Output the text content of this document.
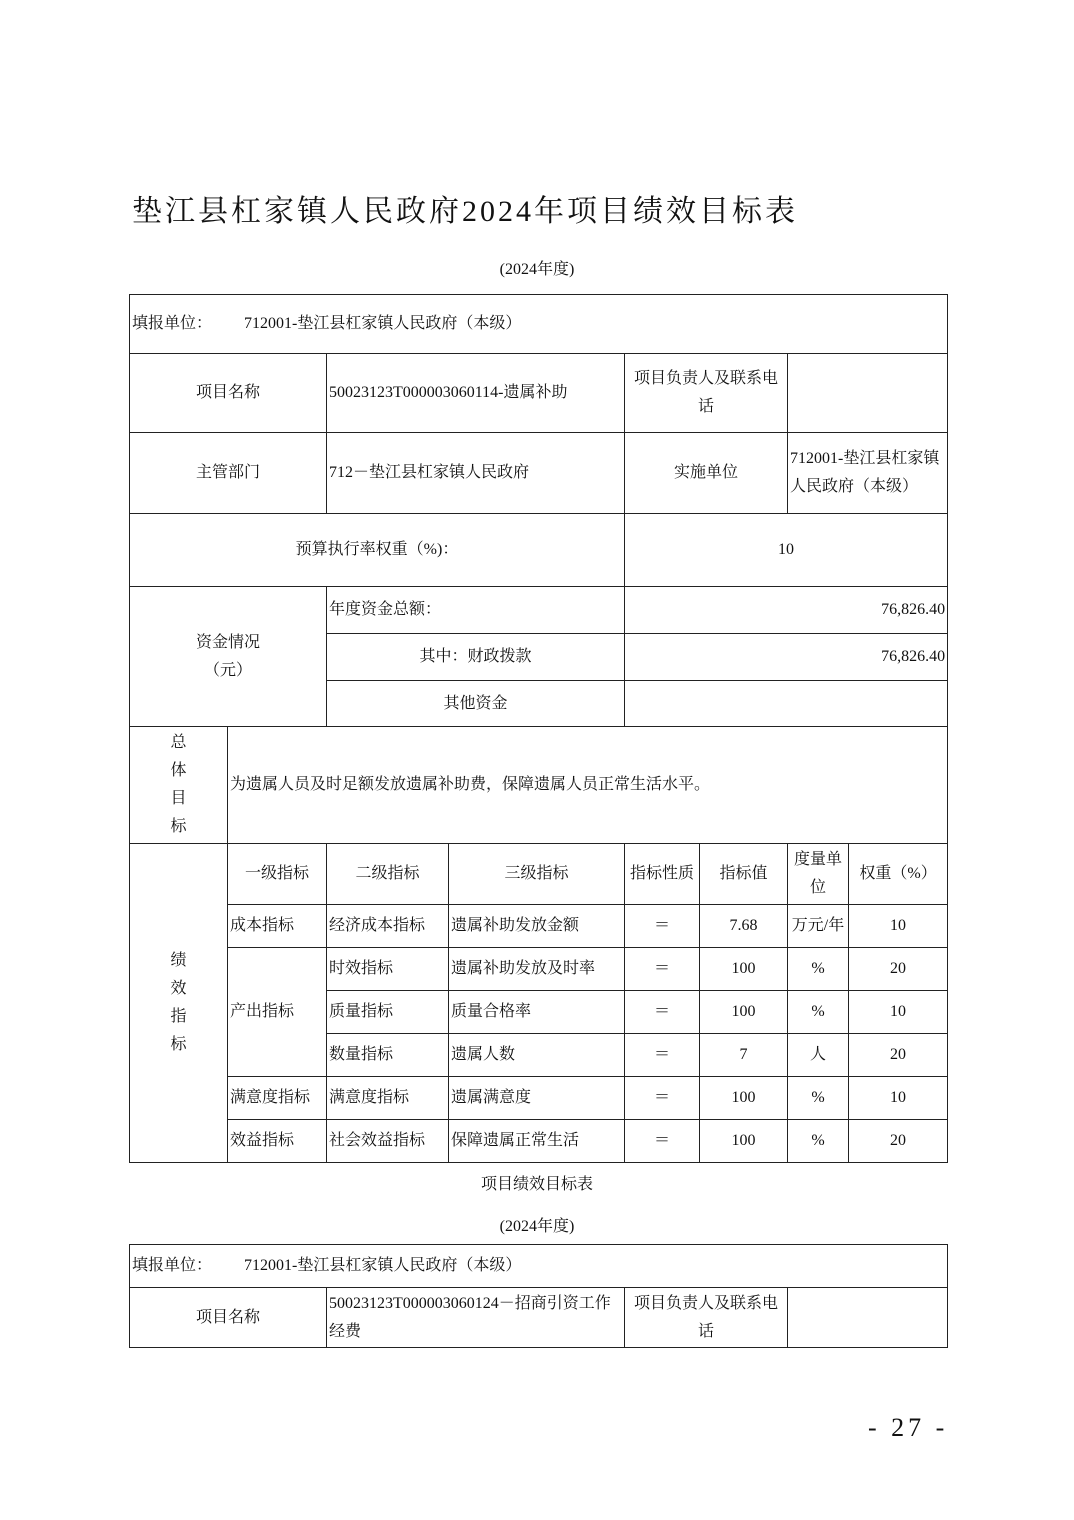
垫江县杠家镇人民政府2024年项目绩效目标表
(2024年度)
填报单位： 712001-垫江县杠家镇人民政府（本级）							
项目名称		50023123T000003060114-遗属补助		项目负责人及联系电话			
主管部门		712－垫江县杠家镇人民政府		实施单位		712001-垫江县杠家镇人民政府（本级）	
预算执行率权重（%)：				10			

资金情况
（元）		年度资金总额：		76,826.40			
		其中：财政拨款		76,826.40			
		其他资金					

总
体
目
标	为遗属人员及时足额发放遗属补助费，保障遗属人员正常生活水平。						

绩
效
指
标	一级指标	二级指标	三级指标	指标性质	指标值	度量单位	权重（%）
	成本指标	经济成本指标	遗属补助发放金额	＝	7.68	万元/年	10
	产出指标	时效指标	遗属补助发放及时率	＝	100	%	20
		质量指标	质量合格率	＝	100	%	10
		数量指标	遗属人数	＝	7	人	20
	满意度指标	满意度指标	遗属满意度	＝	100	%	10
	效益指标	社会效益指标	保障遗属正常生活	＝	100	%	20
项目绩效目标表
(2024年度)
填报单位： 712001-垫江县杠家镇人民政府（本级）
项目名称	50023123T000003060124－招商引资工作经费	项目负责人及联系电话	
- 27 -
